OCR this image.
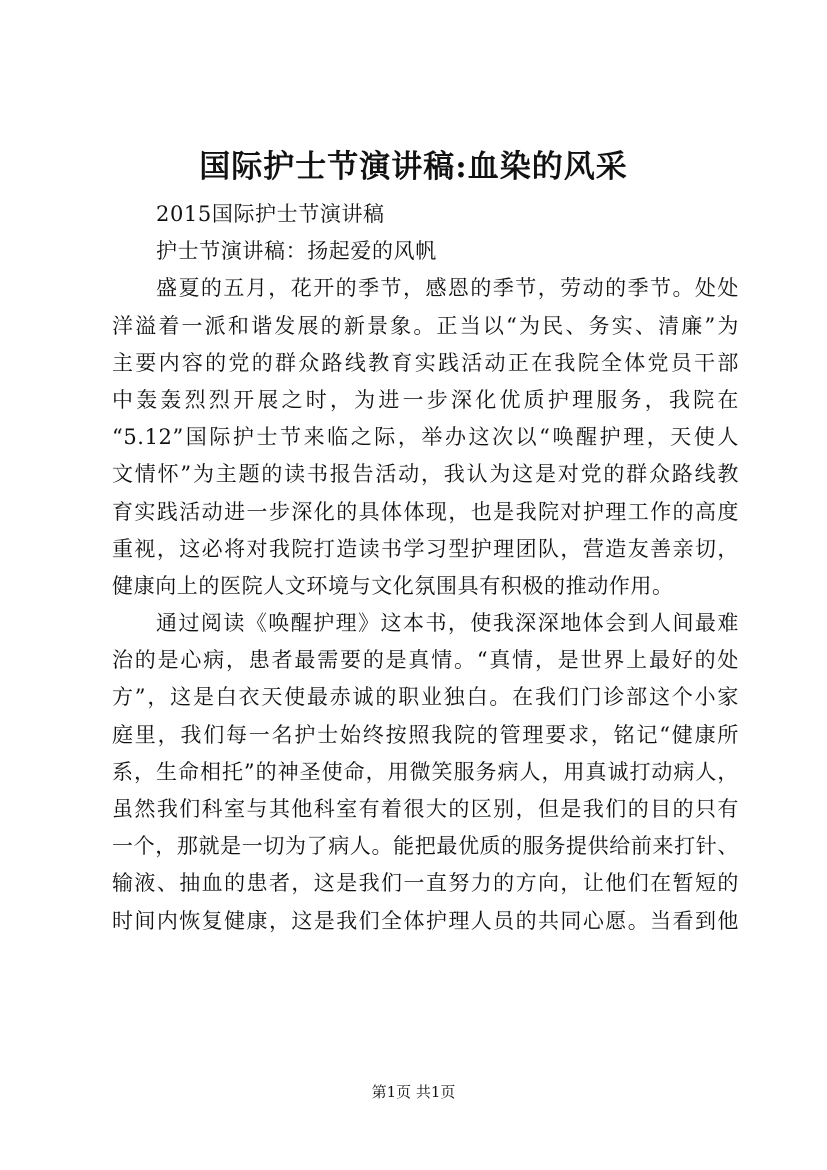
国际护士节演讲稿:血染的风采
2015国际护士节演讲稿
护士节演讲稿：扬起爱的风帆
盛夏的五月，花开的季节，感恩的季节，劳动的季节。处处
洋溢着一派和谐发展的新景象。正当以“为民、务实、清廉”为
主要内容的党的群众路线教育实践活动正在我院全体党员干部
中轰轰烈烈开展之时，为进一步深化优质护理服务，我院在
“5.12”国际护士节来临之际，举办这次以“唤醒护理，天使人
文情怀”为主题的读书报告活动，我认为这是对党的群众路线教
育实践活动进一步深化的具体体现，也是我院对护理工作的高度
重视，这必将对我院打造读书学习型护理团队，营造友善亲切，
健康向上的医院人文环境与文化氛围具有积极的推动作用。
通过阅读《唤醒护理》这本书，使我深深地体会到人间最难
治的是心病，患者最需要的是真情。“真情，是世界上最好的处
方”，这是白衣天使最赤诚的职业独白。在我们门诊部这个小家
庭里，我们每一名护士始终按照我院的管理要求，铭记“健康所
系，生命相托”的神圣使命，用微笑服务病人，用真诚打动病人，
虽然我们科室与其他科室有着很大的区别，但是我们的目的只有
一个，那就是一切为了病人。能把最优质的服务提供给前来打针、
输液、抽血的患者，这是我们一直努力的方向，让他们在暂短的
时间内恢复健康，这是我们全体护理人员的共同心愿。当看到他
第1页 共1页
